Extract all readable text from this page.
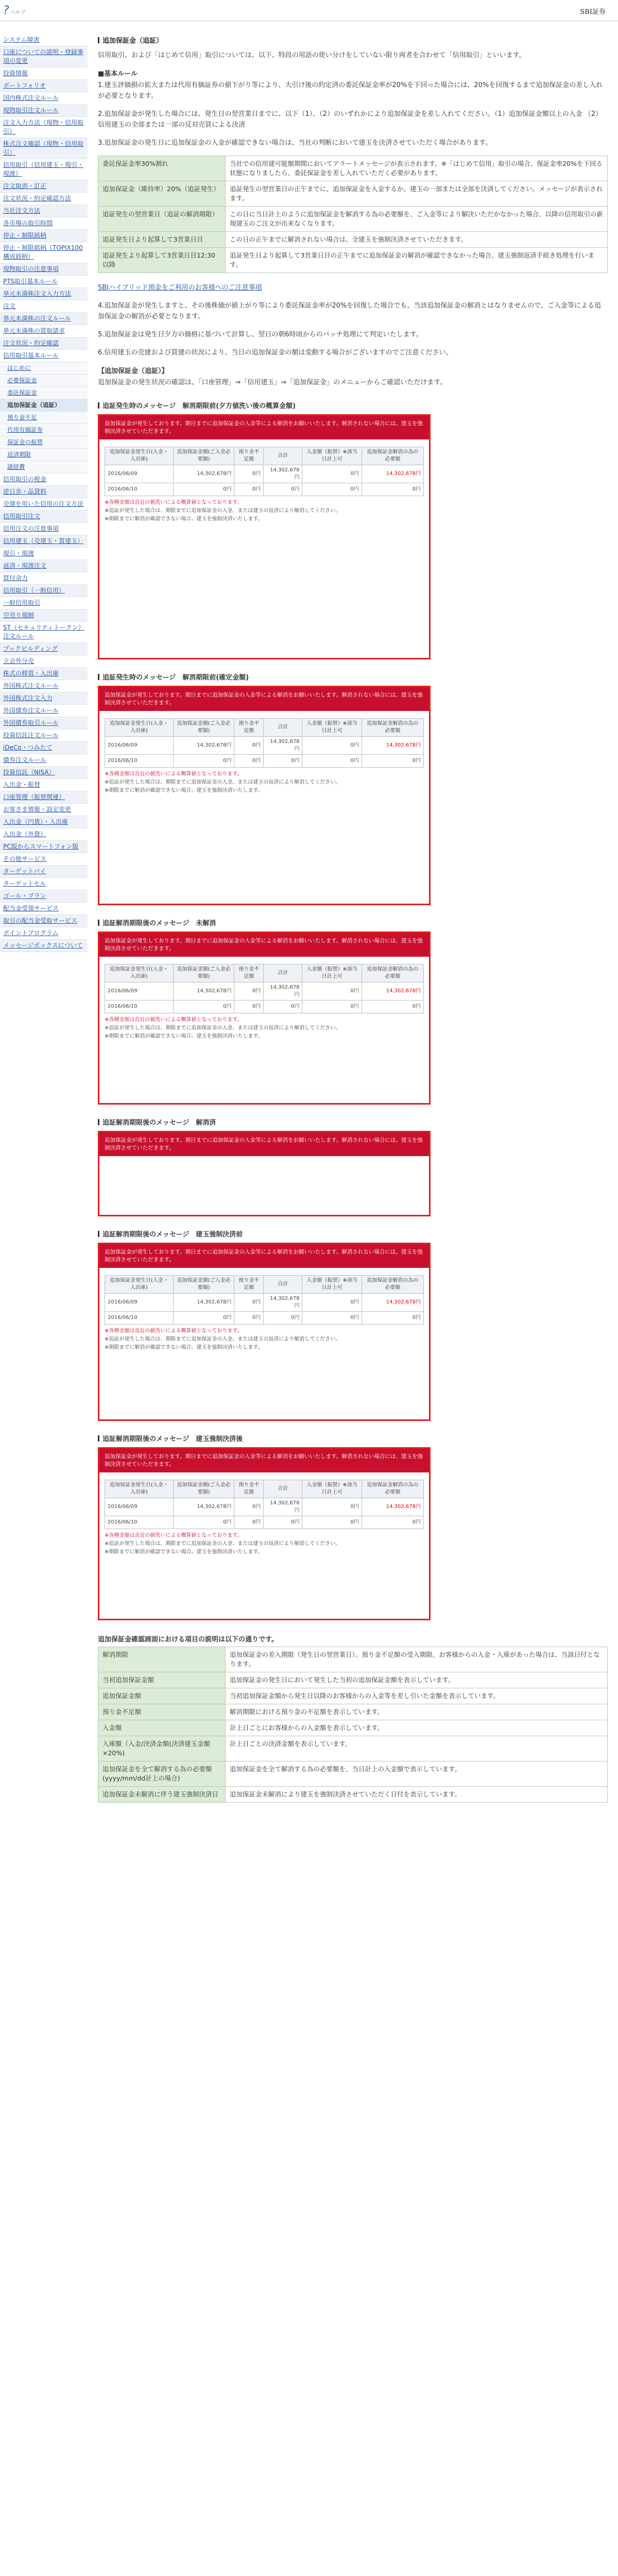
? ヘルプ	SBI証券
システム障害
口座についての説明・登録事項の変更
投資情報
ポートフォリオ
国内株式注文ルール
現物取引注文ルール
注文入力方法（現物・信用取引）
株式注文確認（現物・信用取引）
信用取引（信用建玉・現引・現渡）
注文取消・訂正
注文状況・約定確認方法
当社注文方法
各市場の取引時間
停止・制限銘柄
停止・制限銘柄（TOPIX100構成銘柄）
現物取引の注意事項
PTS取引基本ルール
単元未満株注文入力方法
注文
単元未満株の注文ルール
単元未満株の買取請求
注文状況・約定確認
信用取引基本ルール
はじめに
必要保証金
委託保証金
追加保証金（追証）
預り金不足
代用有価証券
保証金の振替
返済期限
諸経費
信用取引の税金
逆日歩・品貸料
売建を用いた信用の注文方法
信用取引注文
信用注文の注意事項
信用建玉（売建玉・買建玉）
現引・現渡
返済・現渡注文
買付余力
信用取引（一般信用）
一般信用取引
空売り規制
ST（セキュリティトークン）注文ルール
ブックビルディング
立会外分売
株式の移管・入出庫
外国株式注文ルール
外国株式注文入力
外国債券注文ルール
外国債券取引ルール
投資信託注文ルール
iDeCo・つみたて
債券注文ルール
投資信託（NISA）
入出金・振替
口座管理（振替関連）
お客さま情報・設定変更
入出金（円貨）・入出庫
入出金（外貨）
PC版からスマートフォン版
その他サービス
ターゲットバイ
ターゲットセル
ゴール・プラン
配当金受領サービス
取引の配当金受取サービス
ポイントプログラム
メッセージボックスについて
追加保証金（追証）

信用取引、および「はじめて信用」取引については、以下、特段の用語の使い分けをしていない限り両者を合わせて「信用取引」といいます。

■基本ルール

1.建玉評価損の拡大または代用有価証券の値下がり等により、大引け後の約定済の委託保証金率が20%を下回った場合には、20%を回復するまで追加保証金の差し入れが必要となります。

2.追加保証金が発生した場合には、発生日の翌営業日までに、以下（1）、（2）のいずれかにより追加保証金を差し入れてください。（1）追加保証金額以上の入金 （2）信用建玉の全部または一部の反対売買による決済

3.追加保証金の発生日に追加保証金の入金が確認できない場合は、当社の判断において建玉を決済させていただく場合があります。

委託保証金率30%割れ	当社での信用建可能額期間においてアラートメッセージが表示されます。※「はじめて信用」取引の場合、保証金率20%を下回る状態になりましたら、委託保証金を差し入れていただく必要があります。
追加保証金（維持率）20%（追証発生）	追証発生の翌営業日の正午までに、追加保証金を入金するか、建玉の一部または全部を決済してください。メッセージが表示されます。
追証発生の翌営業日（追証の解消期限）	この日に当日計上のように追加保証金を解消する為の必要額を、ご入金等により解決いただかなかった場合、以降の信用取引の新規建玉のご注文が出来なくなります。
追証発生日より起算して3営業日目	この日の正午までに解消されない場合は、全建玉を強制決済させていただきます。
追証発生より起算して3営業日目12:30以降	追証発生日より起算して3営業日目の正午までに追加保証金の解消が確認できなかった場合、建玉強制返済手続き処理を行います。

SBIハイブリッド預金をご利用のお客様へのご注意事項

4.追加保証金が発生しますと、その後株価が値上がり等により委託保証金率が20%を回復した場合でも、当該追加保証金の解消とはなりませんので、ご入金等による追加保証金の解消が必要となります。

5.追加保証金は発生日夕方の価格に基づいて計算し、翌日の朝6時頃からのバッチ処理にて判定いたします。

6.信用建玉の売建および買建の状況により、当日の追加保証金の額は変動する場合がございますのでご注意ください。

【追加保証金（追証）】

追加保証金の発生状況の確認は、「口座管理」⇒「信用建玉」⇒「追加保証金」のメニューからご確認いただけます。

追証発生時のメッセージ　解消期限前(夕方値洗い後の概算金額)
追加保証金が発生しております。期日までに追加保証金の入金等による解消をお願いいたします。解消されない場合には、建玉を強制決済させていただきます。
追加保証金発生日(入金・入出庫)	追加保証金額(ご入金必要額)	預り金不足額	合計	入金額（振替）※該当日計上可	追加保証金解消の為の必要額
2016/06/09	14,302,678円	0円	14,302,678円	0円	14,302,678円
2016/06/10	0円	0円	0円	0円	0円
※各種金額は直近の値洗いによる概算値となっております。
※追証が発生した場合は、期限までに追加保証金の入金、または建玉の返済により解消してください。
※期限までに解消が確認できない場合、建玉を強制決済いたします。
追証発生時のメッセージ　解消期限前(確定金額)
追加保証金が発生しております。期日までに追加保証金の入金等による解消をお願いいたします。解消されない場合には、建玉を強制決済させていただきます。
追加保証金発生日(入金・入出庫)	追加保証金額(ご入金必要額)	預り金不足額	合計	入金額（振替）※該当日計上可	追加保証金解消の為の必要額
2016/06/09	14,302,678円	0円	14,302,678円	0円	14,302,678円
2016/06/10	0円	0円	0円	0円	0円
※各種金額は直近の値洗いによる概算値となっております。
※追証が発生した場合は、期限までに追加保証金の入金、または建玉の返済により解消してください。
※期限までに解消が確認できない場合、建玉を強制決済いたします。
追証解消期限後のメッセージ　未解消
追加保証金が発生しております。期日までに追加保証金の入金等による解消をお願いいたします。解消されない場合には、建玉を強制決済させていただきます。
追加保証金発生日(入金・入出庫)	追加保証金額(ご入金必要額)	預り金不足額	合計	入金額（振替）※該当日計上可	追加保証金解消の為の必要額
2016/06/09	14,302,678円	0円	14,302,678円	0円	14,302,678円
2016/06/10	0円	0円	0円	0円	0円
※各種金額は直近の値洗いによる概算値となっております。
※追証が発生した場合は、期限までに追加保証金の入金、または建玉の返済により解消してください。
※期限までに解消が確認できない場合、建玉を強制決済いたします。
追証解消期限後のメッセージ　解消済
追加保証金が発生しております。期日までに追加保証金の入金等による解消をお願いいたします。解消されない場合には、建玉を強制決済させていただきます。
追証解消期限後のメッセージ　建玉強制決済前
追加保証金が発生しております。期日までに追加保証金の入金等による解消をお願いいたします。解消されない場合には、建玉を強制決済させていただきます。
追加保証金発生日(入金・入出庫)	追加保証金額(ご入金必要額)	預り金不足額	合計	入金額（振替）※該当日計上可	追加保証金解消の為の必要額
2016/06/09	14,302,678円	0円	14,302,678円	0円	14,302,678円
2016/06/10	0円	0円	0円	0円	0円
※各種金額は直近の値洗いによる概算値となっております。
※追証が発生した場合は、期限までに追加保証金の入金、または建玉の返済により解消してください。
※期限までに解消が確認できない場合、建玉を強制決済いたします。
追証解消期限後のメッセージ　建玉強制決済後
追加保証金が発生しております。期日までに追加保証金の入金等による解消をお願いいたします。解消されない場合には、建玉を強制決済させていただきます。
追加保証金発生日(入金・入出庫)	追加保証金額(ご入金必要額)	預り金不足額	合計	入金額（振替）※該当日計上可	追加保証金解消の為の必要額
2016/06/09	14,302,678円	0円	14,302,678円	0円	14,302,678円
2016/06/10	0円	0円	0円	0円	0円
※各種金額は直近の値洗いによる概算値となっております。
※追証が発生した場合は、期限までに追加保証金の入金、または建玉の返済により解消してください。
※期限までに解消が確認できない場合、建玉を強制決済いたします。
追加保証金確認画面における項目の説明は以下の通りです。
解消期限	追加保証金の差入期限（発生日の翌営業日）。預り金不足額の受入期限。お客様からの入金・入庫があった場合は、当該日付となります。
当初追加保証金額	追加保証金の発生日において発生した当初の追加保証金額を表示しています。
追加保証金額	当初追加保証金額から発生日以降のお客様からの入金等を差し引いた金額を表示しています。
預り金不足額	解消期限における預り金の不足額を表示しています。
入金額	計上日ごとにお客様からの入金額を表示しています。
入庫額（入金/決済金額(決済建玉金額×20%)	計上日ごとの決済金額を表示しています。
追加保証金を全て解消する為の必要額(yyyy/mm/dd計上の場合)	追加保証金を全て解消する為の必要額を、当日計上の入金額で表示しています。
追加保証金未解消に伴う建玉強制決済日	追加保証金未解消により建玉を強制決済させていただく日付を表示しています。
